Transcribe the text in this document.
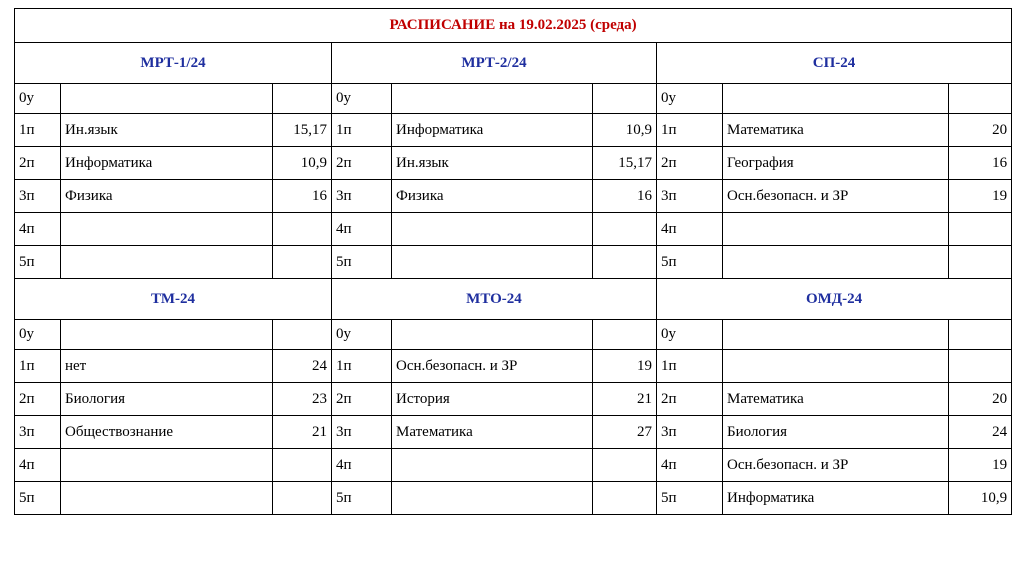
РАСПИСАНИЕ на 19.02.2025 (среда)								
МРТ-1/24			МРТ-2/24			СП-24		
0у			0у			0у		
1п	Ин.язык	15,17	1п	Информатика	10,9	1п	Математика	20
2п	Информатика	10,9	2п	Ин.язык	15,17	2п	География	16
3п	Физика	16	3п	Физика	16	3п	Осн.безопасн. и ЗР	19
4п			4п			4п		
5п			5п			5п		
ТМ-24			МТО-24			ОМД-24		
0у			0у			0у		
1п	нет	24	1п	Осн.безопасн. и ЗР	19	1п		
2п	Биология	23	2п	История	21	2п	Математика	20
3п	Обществознание	21	3п	Математика	27	3п	Биология	24
4п			4п			4п	Осн.безопасн. и ЗР	19
5п			5п			5п	Информатика	10,9
